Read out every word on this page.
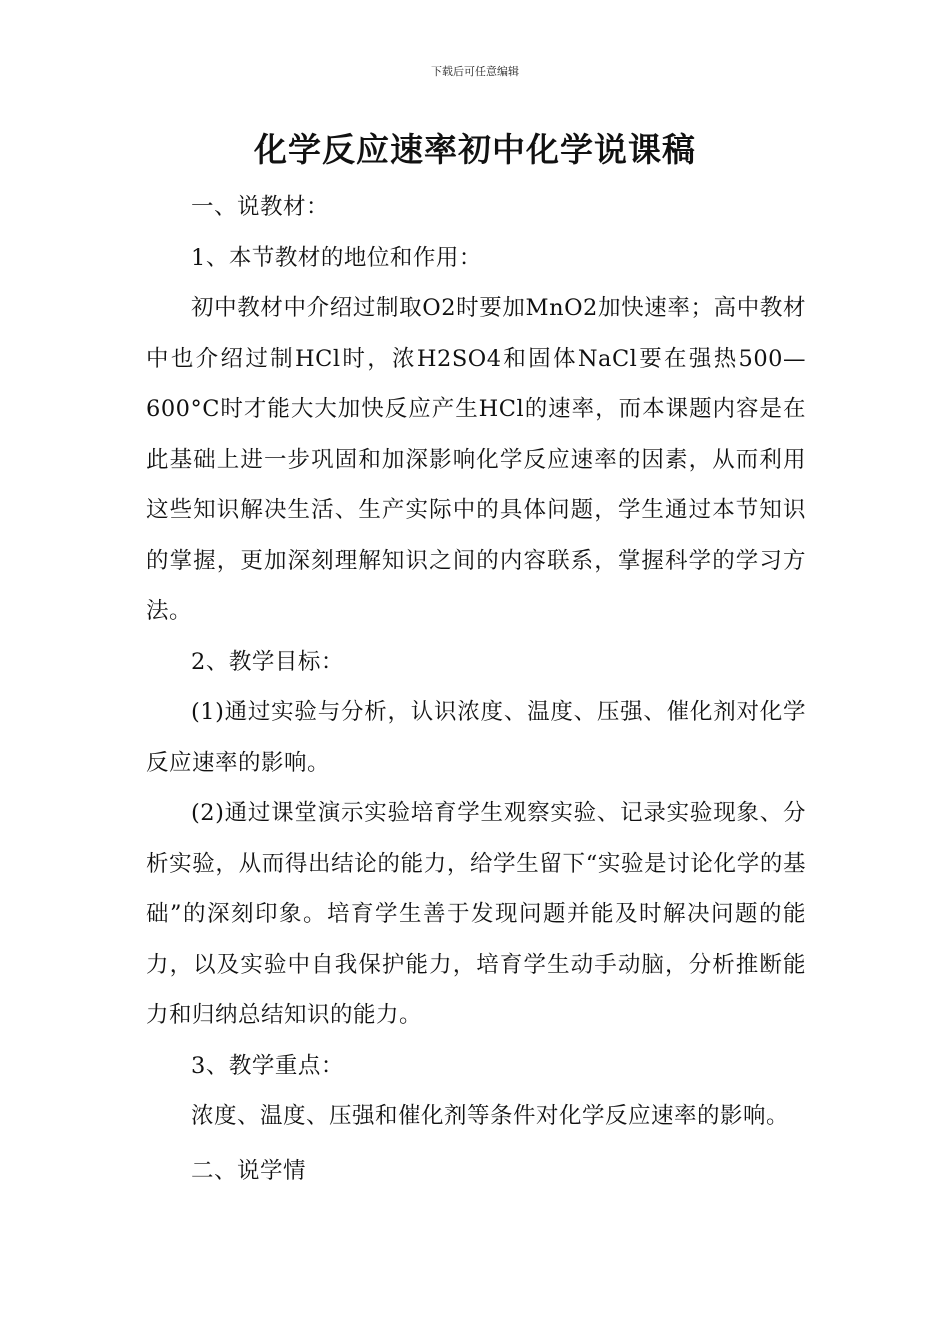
下载后可任意编辑
化学反应速率初中化学说课稿

一、说教材：

1、本节教材的地位和作用：

初中教材中介绍过制取O2时要加MnO2加快速率；高中教材中也介绍过制HCl时，浓H2SO4和固体NaCl要在强热500—600°C时才能大大加快反应产生HCl的速率，而本课题内容是在此基础上进一步巩固和加深影响化学反应速率的因素，从而利用这些知识解决生活、生产实际中的具体问题，学生通过本节知识的掌握，更加深刻理解知识之间的内容联系，掌握科学的学习方法。

2、教学目标：

(1)通过实验与分析，认识浓度、温度、压强、催化剂对化学反应速率的影响。

(2)通过课堂演示实验培育学生观察实验、记录实验现象、分析实验，从而得出结论的能力，给学生留下“实验是讨论化学的基础”的深刻印象。培育学生善于发现问题并能及时解决问题的能力，以及实验中自我保护能力，培育学生动手动脑，分析推断能力和归纳总结知识的能力。

3、教学重点：

浓度、温度、压强和催化剂等条件对化学反应速率的影响。

二、说学情
